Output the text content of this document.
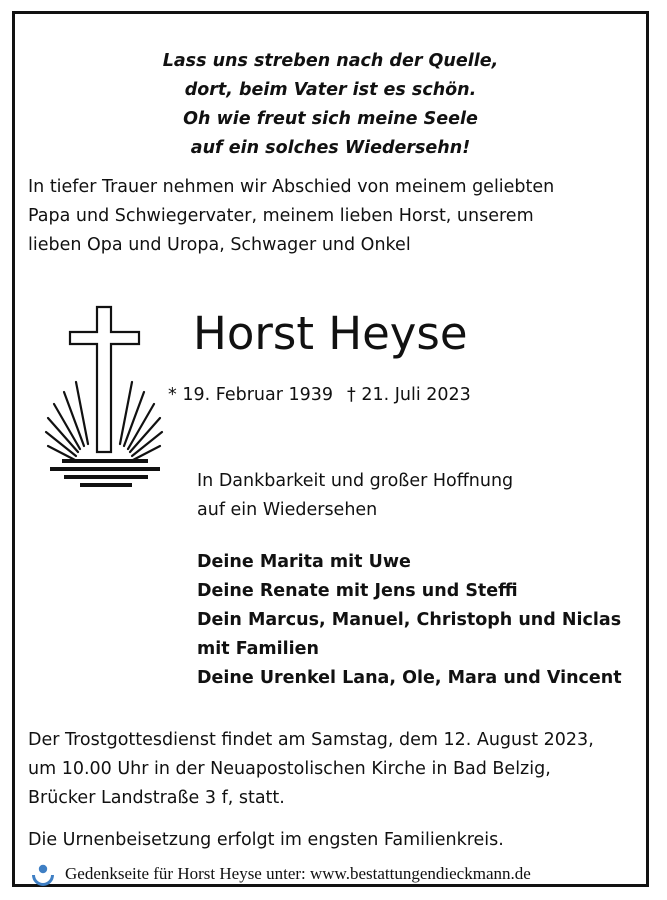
Lass uns streben nach der Quelle,
dort, beim Vater ist es schön.
Oh wie freut sich meine Seele
auf ein solches Wiedersehn!
In tiefer Trauer nehmen wir Abschied von meinem geliebten
Papa und Schwiegervater, meinem lieben Horst, unserem
lieben Opa und Uropa, Schwager und Onkel
Horst Heyse
* 19. Februar 1939 † 21. Juli 2023
In Dankbarkeit und großer Hoffnung
auf ein Wiedersehen
Deine Marita mit Uwe
Deine Renate mit Jens und Steffi
Dein Marcus, Manuel, Christoph und Niclas
mit Familien
Deine Urenkel Lana, Ole, Mara und Vincent
Der Trostgottesdienst findet am Samstag, dem 12. August 2023,
um 10.00 Uhr in der Neuapostolischen Kirche in Bad Belzig,
Brücker Landstraße 3 f, statt.
Die Urnenbeisetzung erfolgt im engsten Familienkreis.
Gedenkseite für Horst Heyse unter: www.bestattungendieckmann.de
